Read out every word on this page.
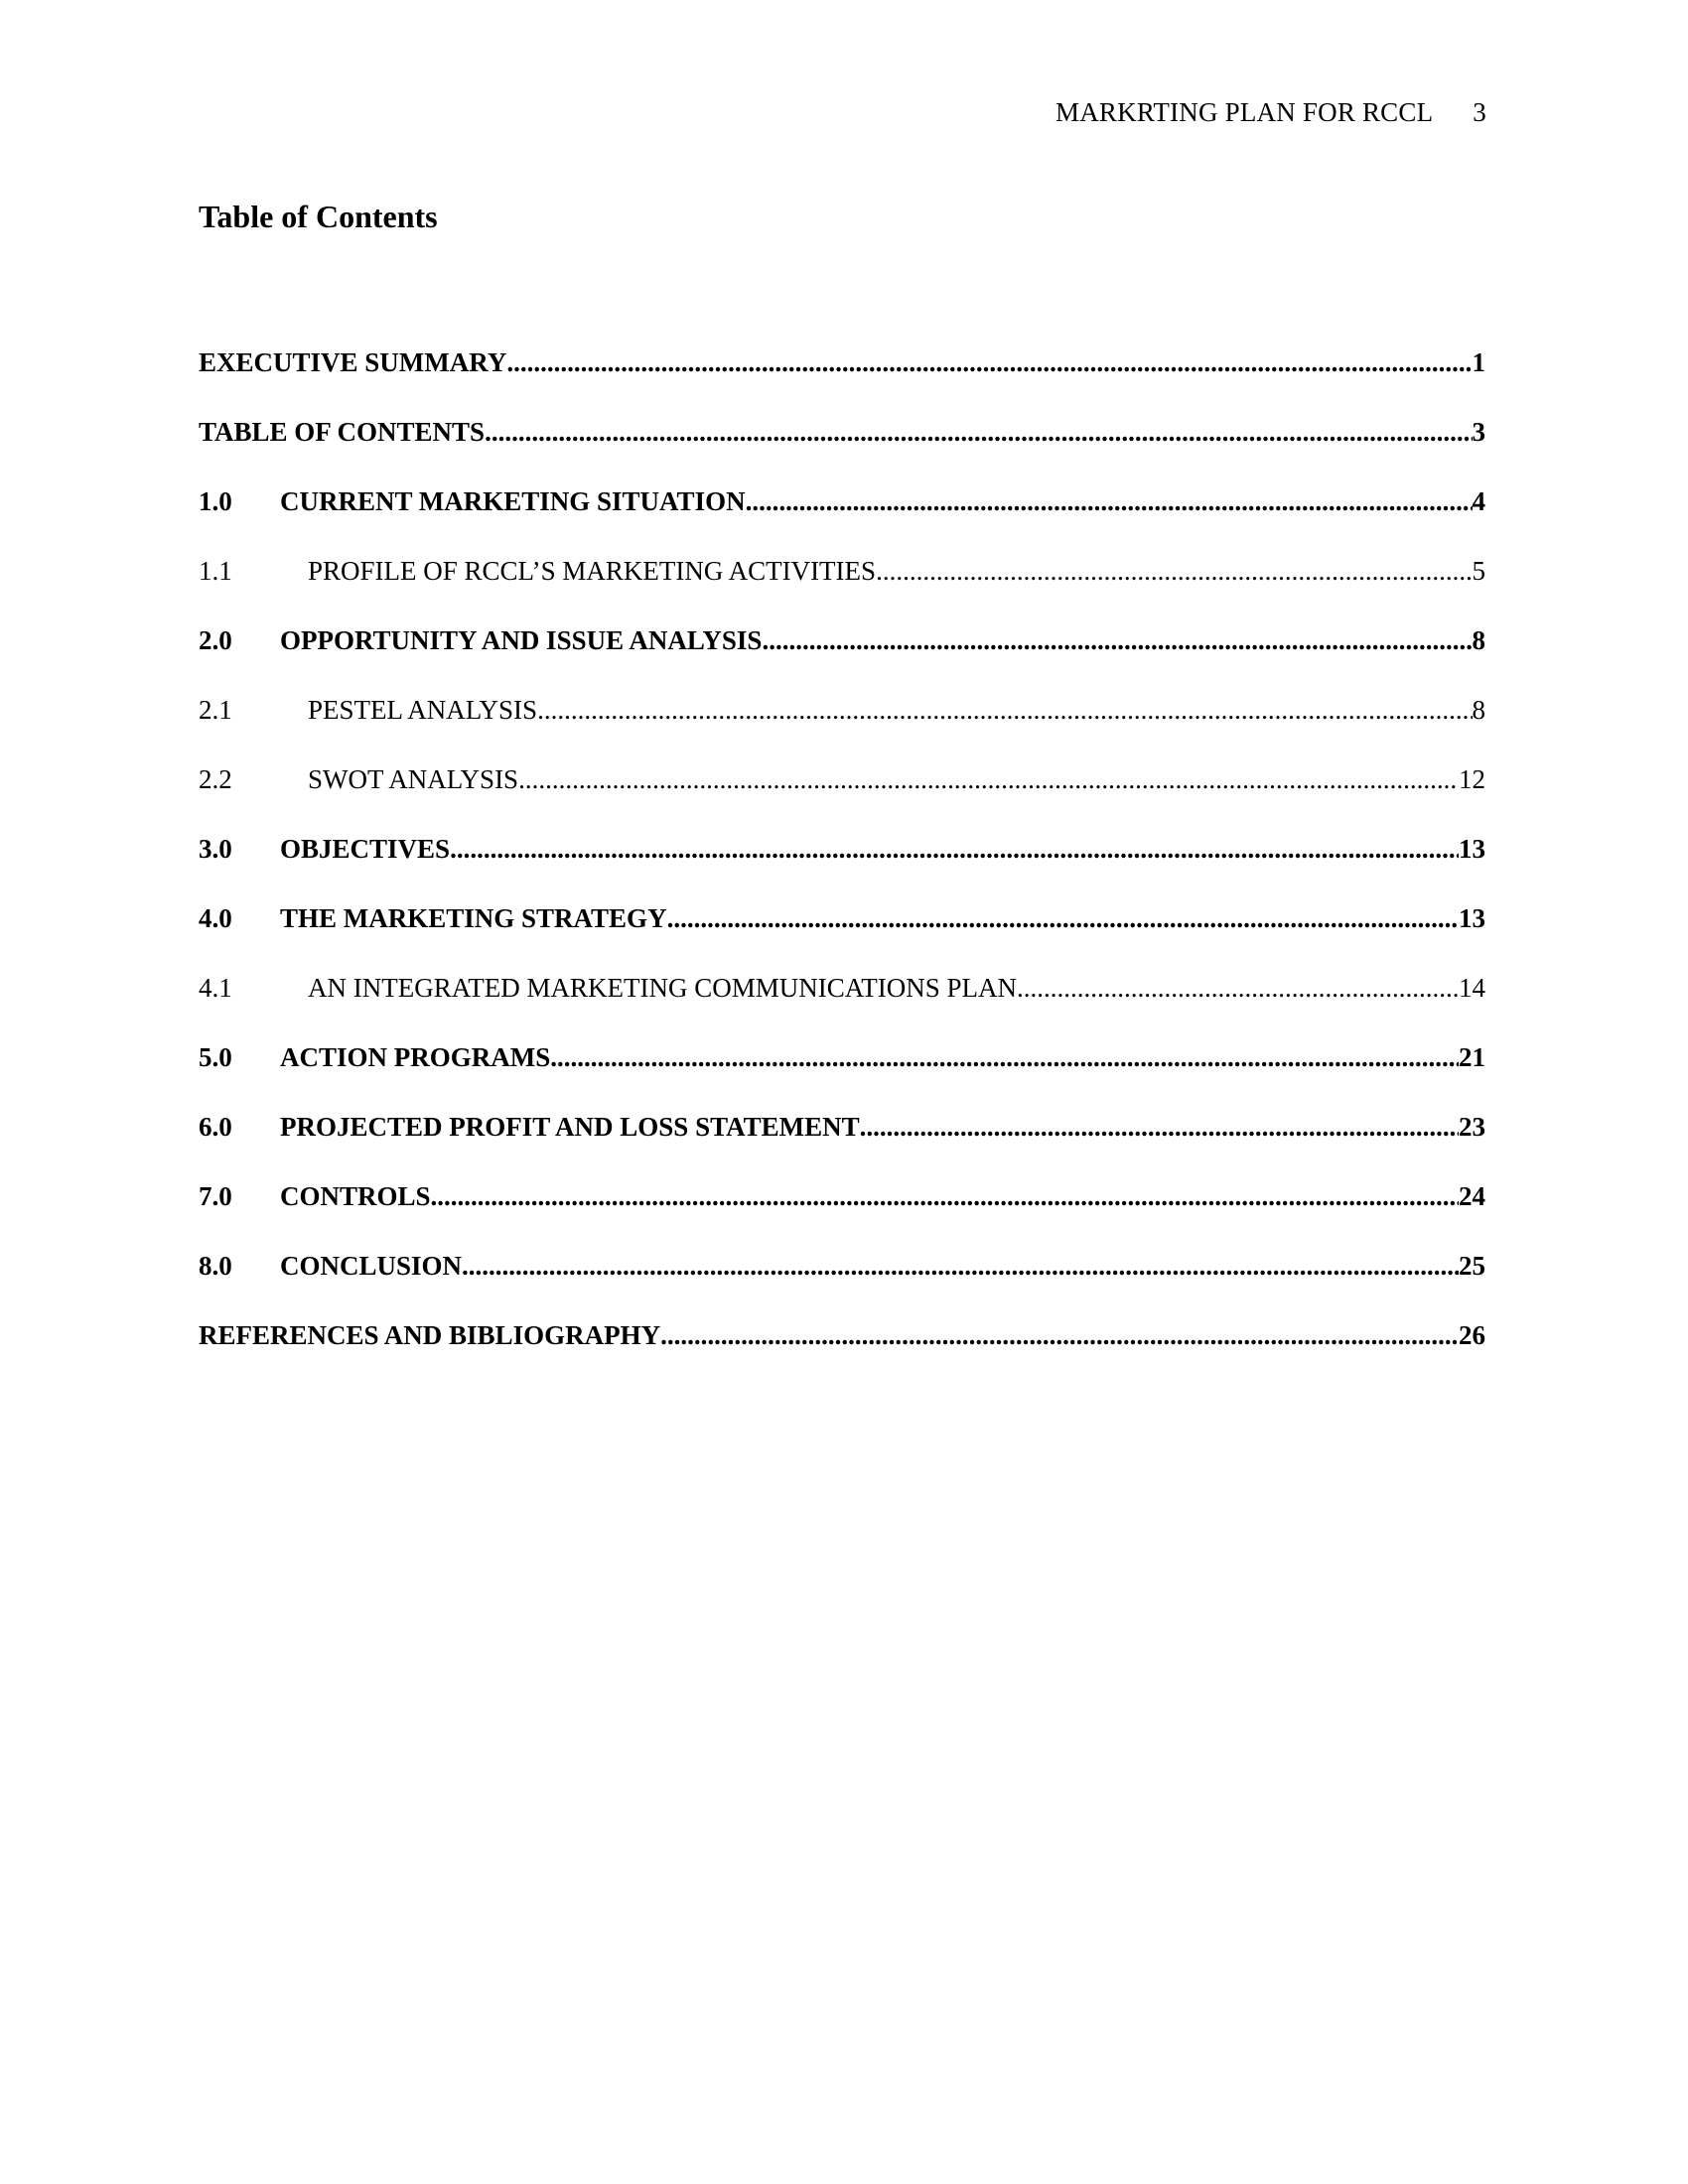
MARKRTING PLAN FOR RCCL 3
Table of Contents
EXECUTIVE SUMMARY .....	1
TABLE OF CONTENTS .....	3
1.0	CURRENT MARKETING SITUATION .....	4
1.1	PROFILE OF RCCL’S MARKETING ACTIVITIES .....	5
2.0	OPPORTUNITY AND ISSUE ANALYSIS .....	8
2.1	PESTEL ANALYSIS .....	8
2.2	SWOT ANALYSIS .....	12
3.0	OBJECTIVES .....	13
4.0	THE MARKETING STRATEGY .....	13
4.1	AN INTEGRATED MARKETING COMMUNICATIONS PLAN .....	14
5.0	ACTION PROGRAMS .....	21
6.0	PROJECTED PROFIT AND LOSS STATEMENT .....	23
7.0	CONTROLS .....	24
8.0	CONCLUSION .....	25
REFERENCES AND BIBLIOGRAPHY .....	26
